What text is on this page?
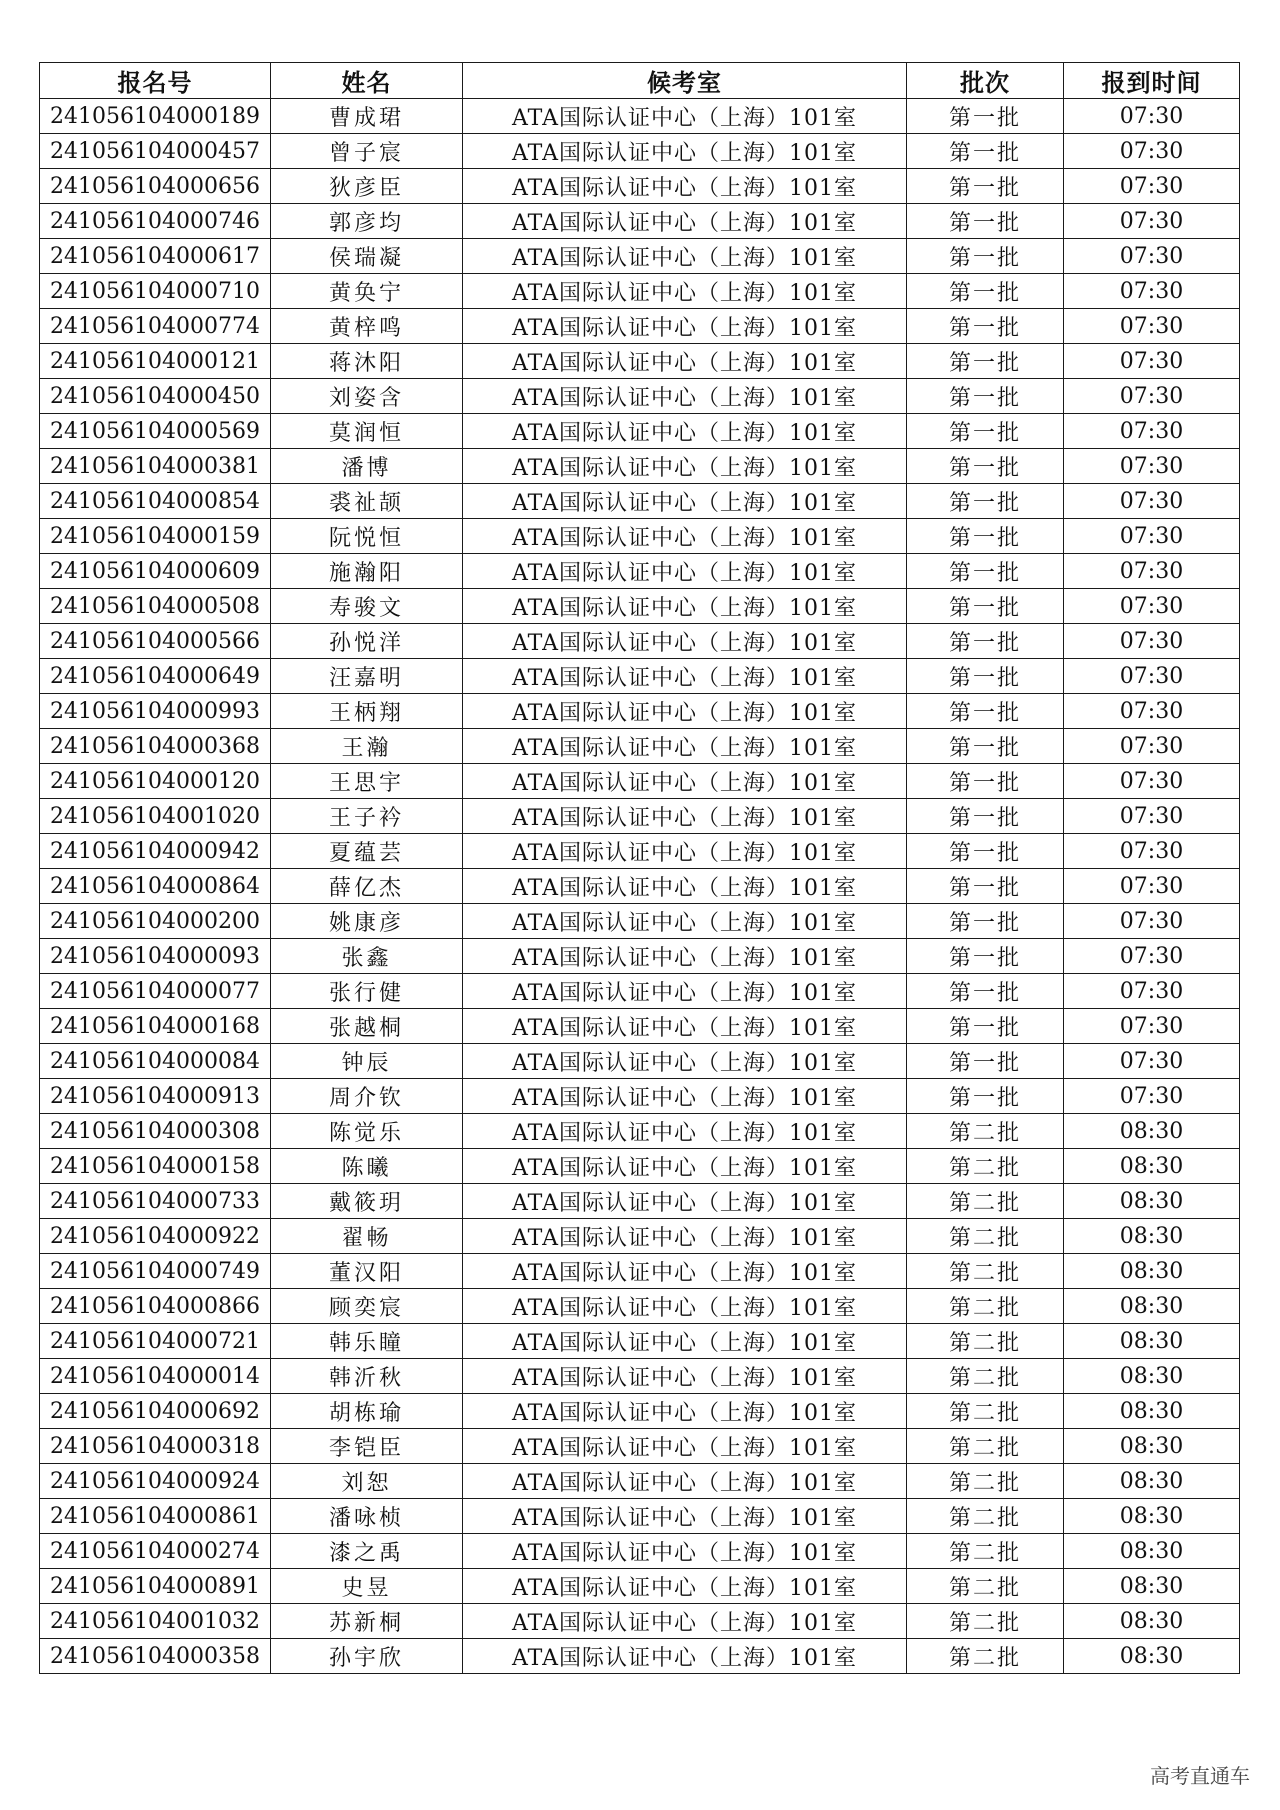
报名号	姓名	候考室	批次	报到时间
241056104000189	曹成珺	ATA国际认证中心（上海）101室	第一批	07:30
241056104000457	曾子宸	ATA国际认证中心（上海）101室	第一批	07:30
241056104000656	狄彦臣	ATA国际认证中心（上海）101室	第一批	07:30
241056104000746	郭彦均	ATA国际认证中心（上海）101室	第一批	07:30
241056104000617	侯瑞凝	ATA国际认证中心（上海）101室	第一批	07:30
241056104000710	黄奂宁	ATA国际认证中心（上海）101室	第一批	07:30
241056104000774	黄梓鸣	ATA国际认证中心（上海）101室	第一批	07:30
241056104000121	蒋沐阳	ATA国际认证中心（上海）101室	第一批	07:30
241056104000450	刘姿含	ATA国际认证中心（上海）101室	第一批	07:30
241056104000569	莫润恒	ATA国际认证中心（上海）101室	第一批	07:30
241056104000381	潘博	ATA国际认证中心（上海）101室	第一批	07:30
241056104000854	裘祉颉	ATA国际认证中心（上海）101室	第一批	07:30
241056104000159	阮悦恒	ATA国际认证中心（上海）101室	第一批	07:30
241056104000609	施瀚阳	ATA国际认证中心（上海）101室	第一批	07:30
241056104000508	寿骏文	ATA国际认证中心（上海）101室	第一批	07:30
241056104000566	孙悦洋	ATA国际认证中心（上海）101室	第一批	07:30
241056104000649	汪嘉明	ATA国际认证中心（上海）101室	第一批	07:30
241056104000993	王柄翔	ATA国际认证中心（上海）101室	第一批	07:30
241056104000368	王瀚	ATA国际认证中心（上海）101室	第一批	07:30
241056104000120	王思宇	ATA国际认证中心（上海）101室	第一批	07:30
241056104001020	王子衿	ATA国际认证中心（上海）101室	第一批	07:30
241056104000942	夏蕴芸	ATA国际认证中心（上海）101室	第一批	07:30
241056104000864	薛亿杰	ATA国际认证中心（上海）101室	第一批	07:30
241056104000200	姚康彦	ATA国际认证中心（上海）101室	第一批	07:30
241056104000093	张鑫	ATA国际认证中心（上海）101室	第一批	07:30
241056104000077	张行健	ATA国际认证中心（上海）101室	第一批	07:30
241056104000168	张越桐	ATA国际认证中心（上海）101室	第一批	07:30
241056104000084	钟辰	ATA国际认证中心（上海）101室	第一批	07:30
241056104000913	周介钦	ATA国际认证中心（上海）101室	第一批	07:30
241056104000308	陈觉乐	ATA国际认证中心（上海）101室	第二批	08:30
241056104000158	陈曦	ATA国际认证中心（上海）101室	第二批	08:30
241056104000733	戴筱玥	ATA国际认证中心（上海）101室	第二批	08:30
241056104000922	翟畅	ATA国际认证中心（上海）101室	第二批	08:30
241056104000749	董汉阳	ATA国际认证中心（上海）101室	第二批	08:30
241056104000866	顾奕宸	ATA国际认证中心（上海）101室	第二批	08:30
241056104000721	韩乐瞳	ATA国际认证中心（上海）101室	第二批	08:30
241056104000014	韩沂秋	ATA国际认证中心（上海）101室	第二批	08:30
241056104000692	胡栋瑜	ATA国际认证中心（上海）101室	第二批	08:30
241056104000318	李铠臣	ATA国际认证中心（上海）101室	第二批	08:30
241056104000924	刘恕	ATA国际认证中心（上海）101室	第二批	08:30
241056104000861	潘咏桢	ATA国际认证中心（上海）101室	第二批	08:30
241056104000274	漆之禹	ATA国际认证中心（上海）101室	第二批	08:30
241056104000891	史昱	ATA国际认证中心（上海）101室	第二批	08:30
241056104001032	苏新桐	ATA国际认证中心（上海）101室	第二批	08:30
241056104000358	孙宇欣	ATA国际认证中心（上海）101室	第二批	08:30
高考直通车
